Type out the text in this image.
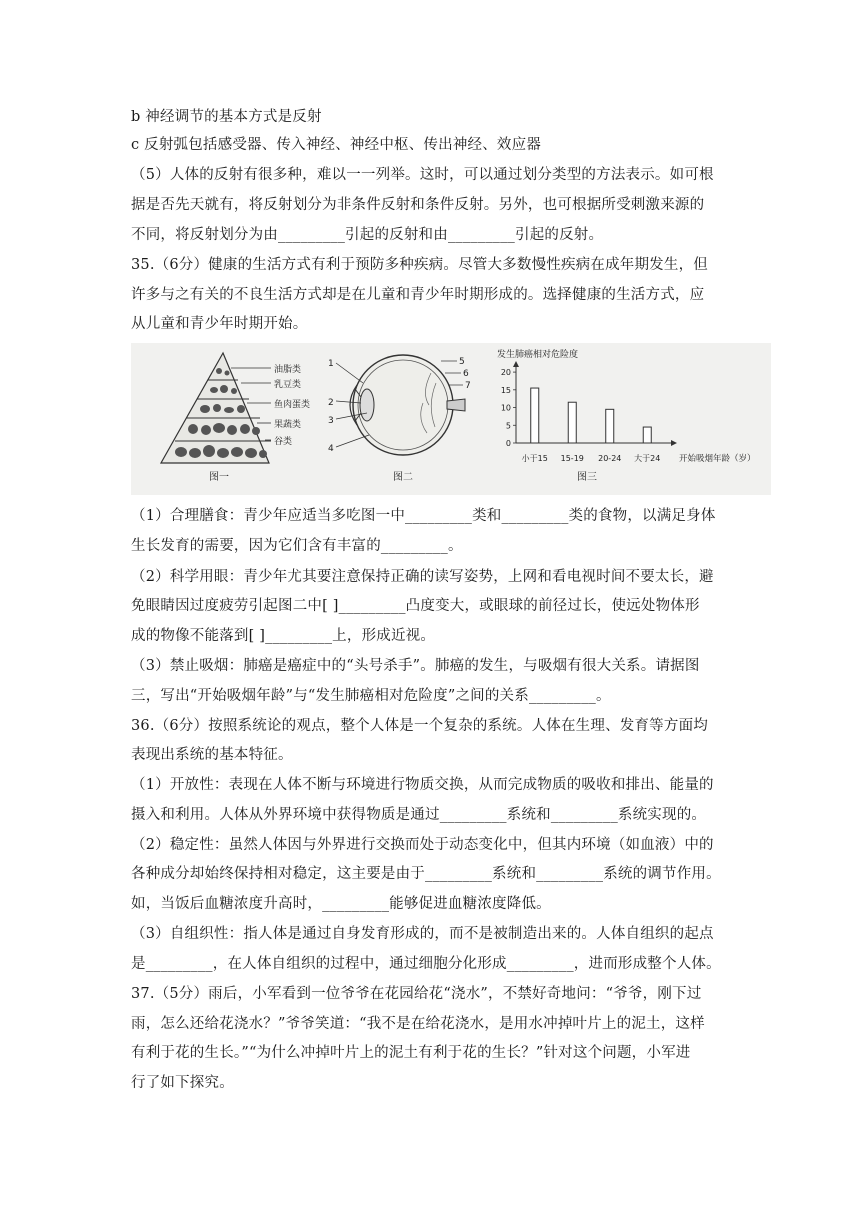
b 神经调节的基本方式是反射
c 反射弧包括感受器、传入神经、神经中枢、传出神经、效应器
（5）人体的反射有很多种，难以一一列举。这时，可以通过划分类型的方法表示。如可根
据是否先天就有，将反射划分为非条件反射和条件反射。另外，也可根据所受刺激来源的
不同，将反射划分为由_________引起的反射和由_________引起的反射。
35.（6分）健康的生活方式有利于预防多种疾病。尽管大多数慢性疾病在成年期发生，但
许多与之有关的不良生活方式却是在儿童和青少年时期形成的。选择健康的生活方式，应
从儿童和青少年时期开始。
油脂类
乳豆类
鱼肉蛋类
果蔬类
谷类
图一
1
2
3
4
5
6
7
图二
发生肺癌相对危险度
0
5
10
15
20
小于15 15-19 20-24 大于24 开始吸烟年龄（岁）
图三
（1）合理膳食：青少年应适当多吃图一中_________类和_________类的食物，以满足身体
生长发育的需要，因为它们含有丰富的_________。
（2）科学用眼：青少年尤其要注意保持正确的读写姿势，上网和看电视时间不要太长，避
免眼睛因过度疲劳引起图二中[ ]_________凸度变大，或眼球的前径过长，使远处物体形
成的物像不能落到[ ]_________上，形成近视。
（3）禁止吸烟：肺癌是癌症中的“头号杀手”。肺癌的发生，与吸烟有很大关系。请据图
三，写出“开始吸烟年龄”与“发生肺癌相对危险度”之间的关系_________。
36.（6分）按照系统论的观点，整个人体是一个复杂的系统。人体在生理、发育等方面均
表现出系统的基本特征。
（1）开放性：表现在人体不断与环境进行物质交换，从而完成物质的吸收和排出、能量的
摄入和利用。人体从外界环境中获得物质是通过_________系统和_________系统实现的。
（2）稳定性：虽然人体因与外界进行交换而处于动态变化中，但其内环境（如血液）中的
各种成分却始终保持相对稳定，这主要是由于_________系统和_________系统的调节作用。
如，当饭后血糖浓度升高时，_________能够促进血糖浓度降低。
（3）自组织性：指人体是通过自身发育形成的，而不是被制造出来的。人体自组织的起点
是_________，在人体自组织的过程中，通过细胞分化形成_________，进而形成整个人体。
37.（5分）雨后，小军看到一位爷爷在花园给花“浇水”，不禁好奇地问：“爷爷，刚下过
雨，怎么还给花浇水？”爷爷笑道：“我不是在给花浇水，是用水冲掉叶片上的泥土，这样
有利于花的生长。”“为什么冲掉叶片上的泥土有利于花的生长？”针对这个问题，小军进
行了如下探究。
